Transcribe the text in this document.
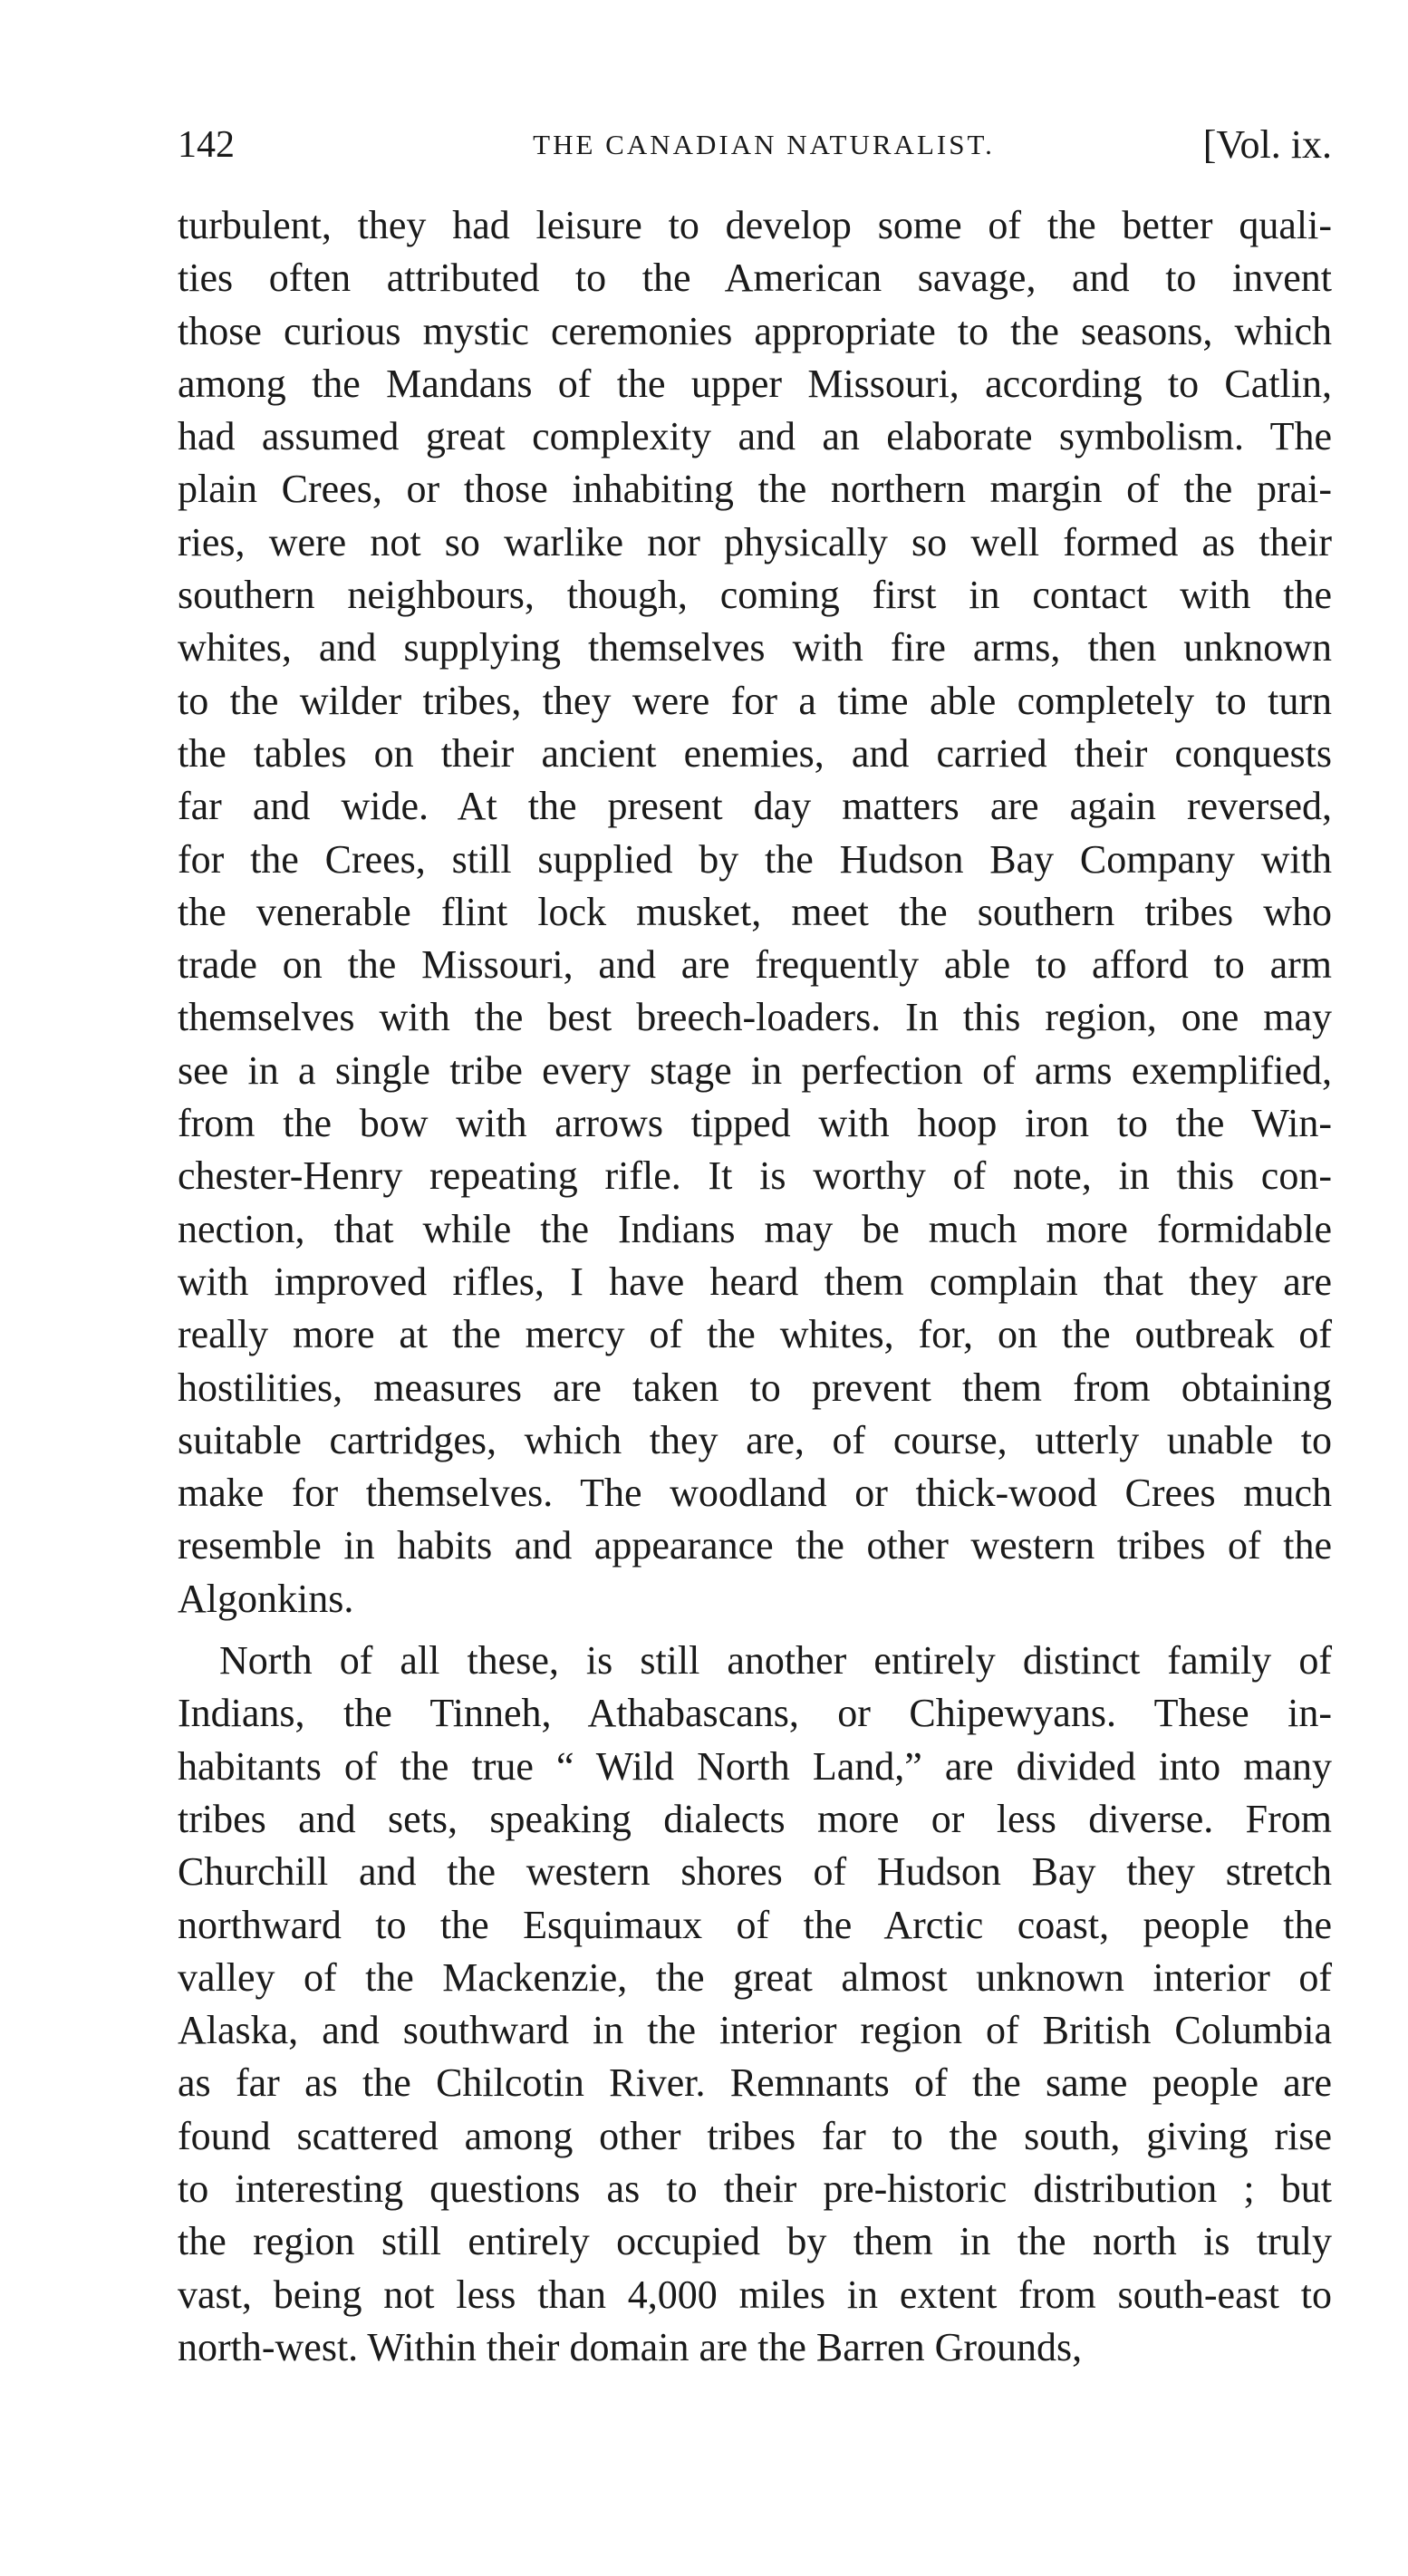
142	THE CANADIAN NATURALIST.	[Vol. ix.
turbulent, they had leisure to develop some of the better quali-
ties often attributed to the American savage, and to invent
those curious mystic ceremonies appropriate to the seasons, which
among the Mandans of the upper Missouri, according to Catlin,
had assumed great complexity and an elaborate symbolism. The
plain Crees, or those inhabiting the northern margin of the prai-
ries, were not so warlike nor physically so well formed as their
southern neighbours, though, coming first in contact with the
whites, and supplying themselves with fire arms, then unknown
to the wilder tribes, they were for a time able completely to turn
the tables on their ancient enemies, and carried their conquests
far and wide. At the present day matters are again reversed,
for the Crees, still supplied by the Hudson Bay Company with
the venerable flint lock musket, meet the southern tribes who
trade on the Missouri, and are frequently able to afford to arm
themselves with the best breech-loaders. In this region, one may
see in a single tribe every stage in perfection of arms exemplified,
from the bow with arrows tipped with hoop iron to the Win-
chester-Henry repeating rifle. It is worthy of note, in this con-
nection, that while the Indians may be much more formidable
with improved rifles, I have heard them complain that they are
really more at the mercy of the whites, for, on the outbreak of
hostilities, measures are taken to prevent them from obtaining
suitable cartridges, which they are, of course, utterly unable to
make for themselves. The woodland or thick-wood Crees much
resemble in habits and appearance the other western tribes of the
Algonkins.
North of all these, is still another entirely distinct family of
Indians, the Tinneh, Athabascans, or Chipewyans. These in-
habitants of the true “ Wild North Land,” are divided into many
tribes and sets, speaking dialects more or less diverse. From
Churchill and the western shores of Hudson Bay they stretch
northward to the Esquimaux of the Arctic coast, people the
valley of the Mackenzie, the great almost unknown interior of
Alaska, and southward in the interior region of British Columbia
as far as the Chilcotin River. Remnants of the same people are
found scattered among other tribes far to the south, giving rise
to interesting questions as to their pre-historic distribution ; but
the region still entirely occupied by them in the north is truly
vast, being not less than 4,000 miles in extent from south-east to
north-west. Within their domain are the Barren Grounds,
